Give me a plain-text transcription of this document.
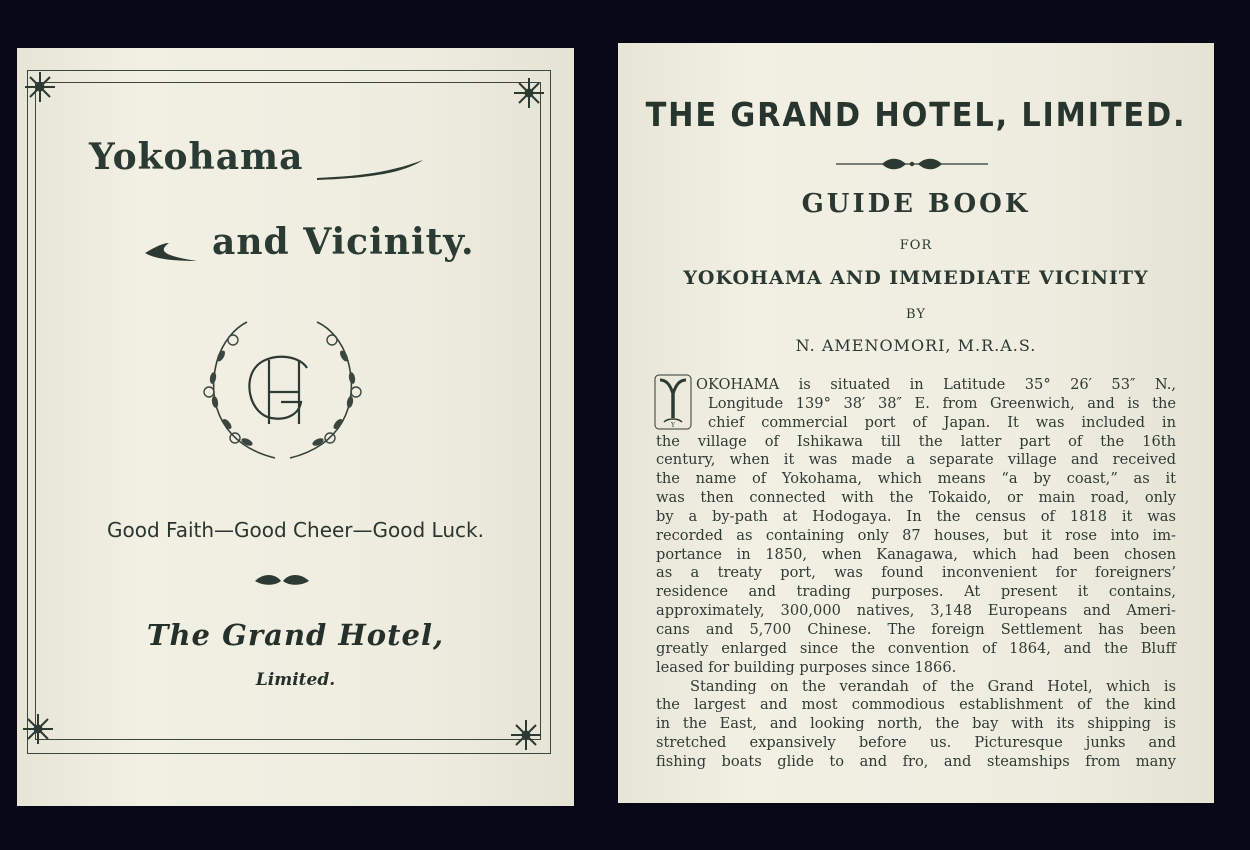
Yokohama
and Vicinity.
Good Faith—Good Cheer—Good Luck.
The Grand Hotel,
Limited.
THE GRAND HOTEL, LIMITED.
GUIDE BOOK
FOR
YOKOHAMA AND IMMEDIATE VICINITY
BY
N. AMENOMORI, M.R.A.S.
Y
OKOHAMA is situated in Latitude 35° 26′ 53″ N.,
Longitude 139° 38′ 38″ E. from Greenwich, and is the
chief commercial port of Japan. It was included in
the village of Ishikawa till the latter part of the 16th
century, when it was made a separate village and received
the name of Yokohama, which means “a by coast,” as it
was then connected with the Tokaido, or main road, only
by a by-path at Hodogaya. In the census of 1818 it was
recorded as containing only 87 houses, but it rose into im-
portance in 1850, when Kanagawa, which had been chosen
as a treaty port, was found inconvenient for foreigners’
residence and trading purposes. At present it contains,
approximately, 300,000 natives, 3,148 Europeans and Ameri-
cans and 5,700 Chinese. The foreign Settlement has been
greatly enlarged since the convention of 1864, and the Bluff
leased for building purposes since 1866.
Standing on the verandah of the Grand Hotel, which is
the largest and most commodious establishment of the kind
in the East, and looking north, the bay with its shipping is
stretched expansively before us. Picturesque junks and
fishing boats glide to and fro, and steamships from many
